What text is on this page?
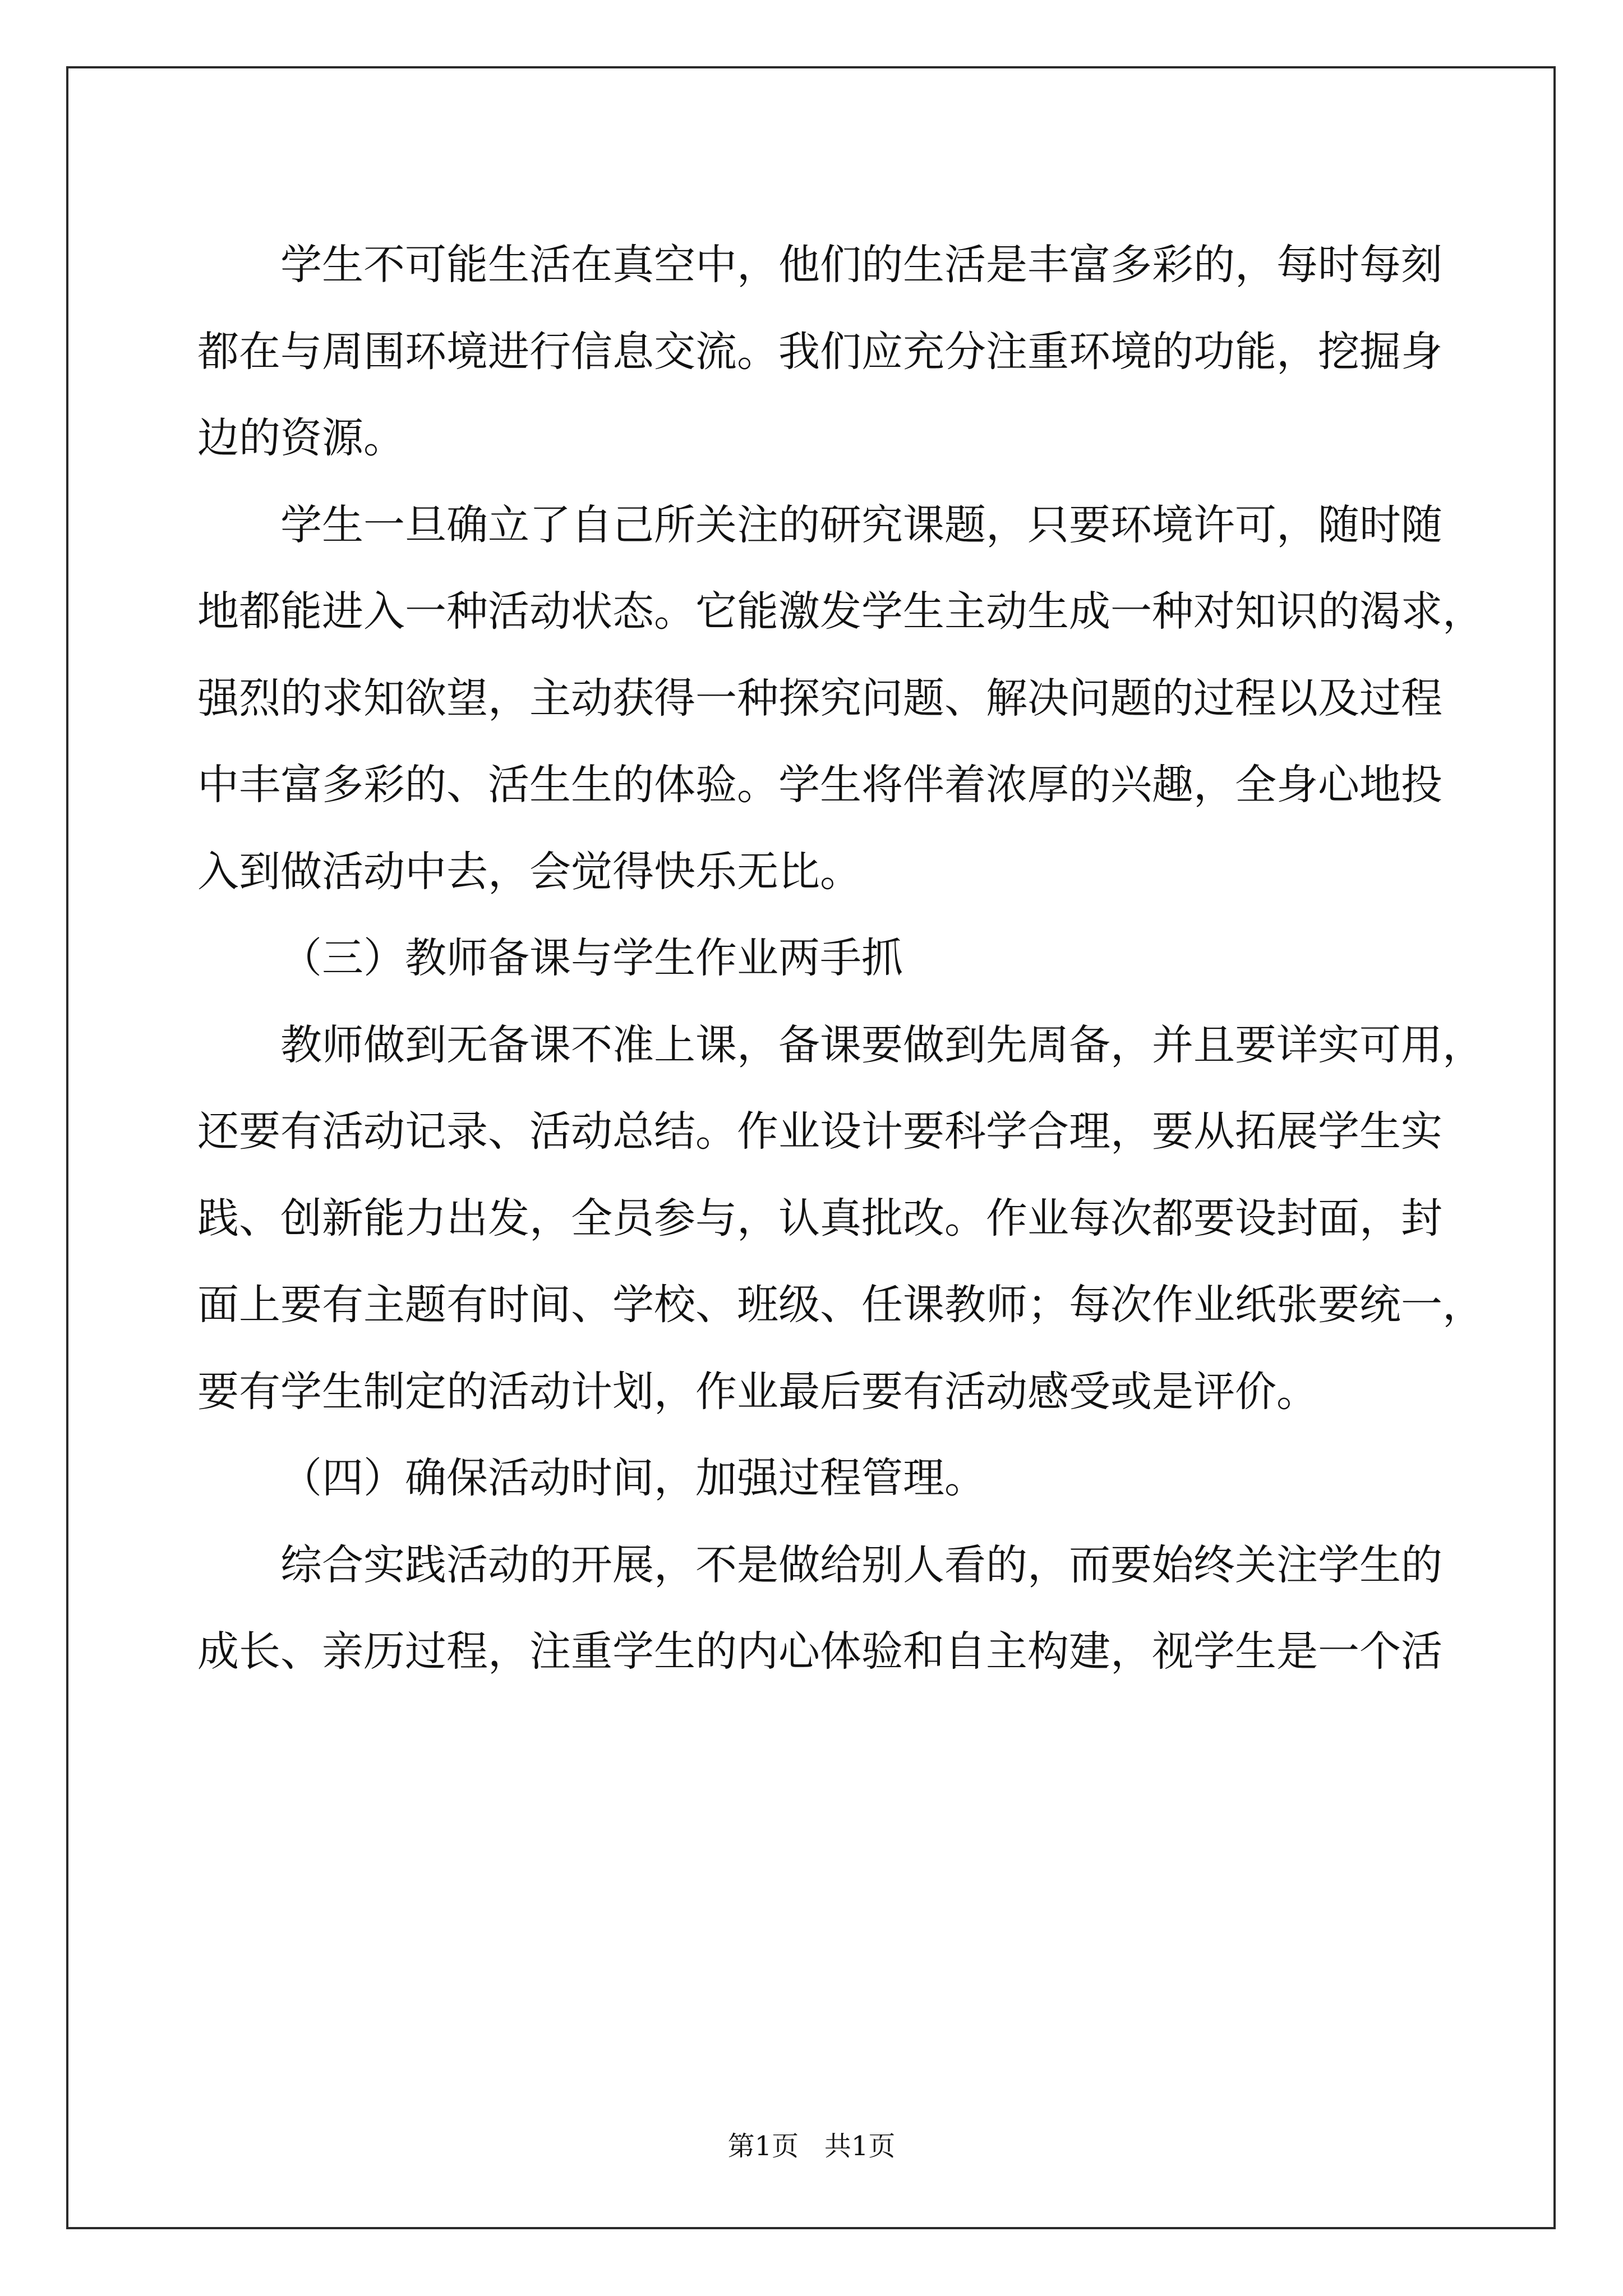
学生不可能生活在真空中，他们的生活是丰富多彩的，每时每刻
都在与周围环境进行信息交流。我们应充分注重环境的功能，挖掘身
边的资源。
学生一旦确立了自己所关注的研究课题，只要环境许可，随时随
地都能进入一种活动状态。它能激发学生主动生成一种对知识的渴求，
强烈的求知欲望，主动获得一种探究问题、解决问题的过程以及过程
中丰富多彩的、活生生的体验。学生将伴着浓厚的兴趣，全身心地投
入到做活动中去，会觉得快乐无比。
（三）教师备课与学生作业两手抓
教师做到无备课不准上课，备课要做到先周备，并且要详实可用，
还要有活动记录、活动总结。作业设计要科学合理，要从拓展学生实
践、创新能力出发，全员参与，认真批改。作业每次都要设封面，封
面上要有主题有时间、学校、班级、任课教师；每次作业纸张要统一，
要有学生制定的活动计划，作业最后要有活动感受或是评价。
（四）确保活动时间，加强过程管理。
综合实践活动的开展，不是做给别人看的，而要始终关注学生的
成长、亲历过程，注重学生的内心体验和自主构建，视学生是一个活
第1页   共1页
